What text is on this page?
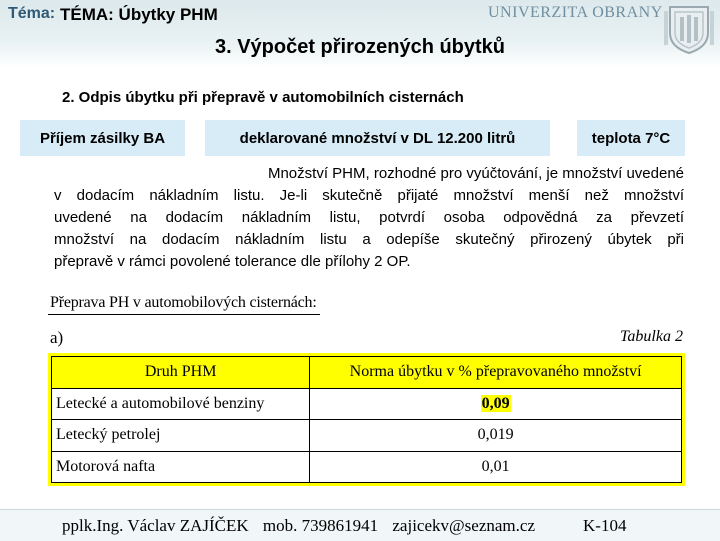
Téma: TÉMA: Úbytky PHM	UNIVERZITA OBRANY
3. Výpočet přirozených úbytků
2. Odpis úbytku při přepravě v automobilních cisternách
Příjem zásilky BA	deklarované množství v DL 12.200 litrů	teplota 7°C
Množství PHM, rozhodné pro vyúčtování, je množství uvedené
v dodacím nákladním listu. Je-li skutečně přijaté množství menší než množství
uvedené na dodacím nákladním listu, potvrdí osoba odpovědná za převzetí
množství na dodacím nákladním listu a odepíše skutečný přirozený úbytek při
přepravě v rámci povolené tolerance dle přílohy 2 OP.
Přeprava PH v automobilových cisternách:
a)	Tabulka 2
Druh PHM	Norma úbytku v % přepravovaného množství
Letecké a automobilové benziny	0,09
Letecký petrolej	0,019
Motorová nafta	0,01
pplk.Ing. Václav ZAJÍČEK mob. 739861941 zajicekv@seznam.cz	K-104
